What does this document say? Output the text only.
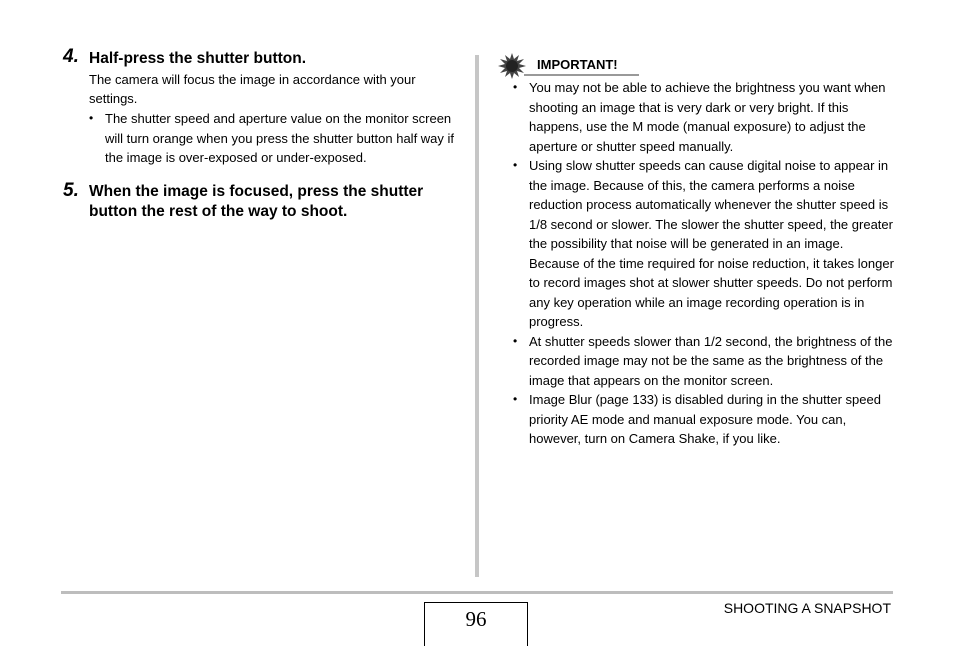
4. Half-press the shutter button.
The camera will focus the image in accordance with your
settings.
• The shutter speed and aperture value on the monitor screen will turn orange when you press the shutter button half way if the image is over-exposed or under-exposed.
5. When the image is focused, press the shutter
button the rest of the way to shoot.
IMPORTANT!
• You may not be able to achieve the brightness you want when shooting an image that is very dark or very bright. If this happens, use the M mode (manual exposure) to adjust the aperture or shutter speed manually.
• Using slow shutter speeds can cause digital noise to appear in the image. Because of this, the camera performs a noise reduction process automatically whenever the shutter speed is 1/8 second or slower. The slower the shutter speed, the greater the possibility that noise will be generated in an image. Because of the time required for noise reduction, it takes longer to record images shot at slower shutter speeds. Do not perform any key operation while an image recording operation is in progress.
• At shutter speeds slower than 1/2 second, the brightness of the recorded image may not be the same as the brightness of the image that appears on the monitor screen.
• Image Blur (page 133) is disabled during in the shutter speed priority AE mode and manual exposure mode. You can, however, turn on Camera Shake, if you like.
96	SHOOTING A SNAPSHOT
